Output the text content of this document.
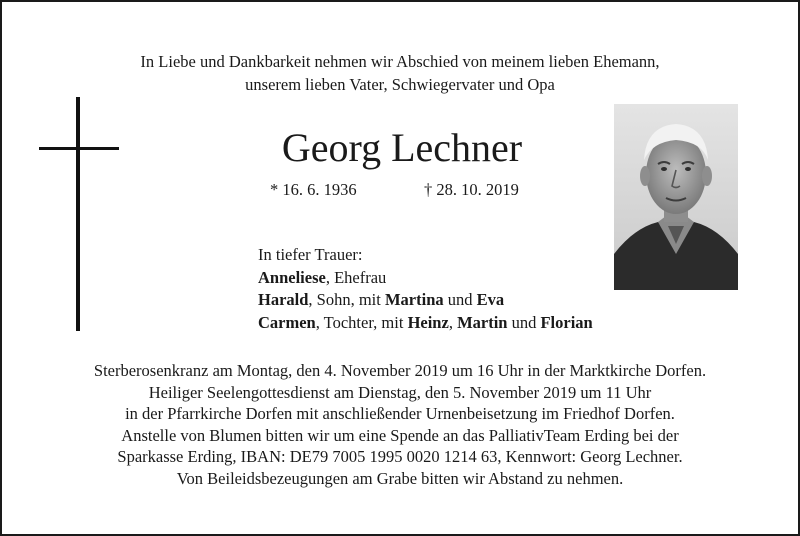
In Liebe und Dankbarkeit nehmen wir Abschied von meinem lieben Ehemann,
unserem lieben Vater, Schwiegervater und Opa
Georg Lechner
* 16. 6. 1936	† 28. 10. 2019
In tiefer Trauer:
Anneliese, Ehefrau
Harald, Sohn, mit Martina und Eva
Carmen, Tochter, mit Heinz, Martin und Florian
Sterberosenkranz am Montag, den 4. November 2019 um 16 Uhr in der Marktkirche Dorfen.
Heiliger Seelengottesdienst am Dienstag, den 5. November 2019 um 11 Uhr
in der Pfarrkirche Dorfen mit anschließender Urnenbeisetzung im Friedhof Dorfen.
Anstelle von Blumen bitten wir um eine Spende an das PalliativTeam Erding bei der
Sparkasse Erding, IBAN: DE79 7005 1995 0020 1214 63, Kennwort: Georg Lechner.
Von Beileidsbezeugungen am Grabe bitten wir Abstand zu nehmen.
